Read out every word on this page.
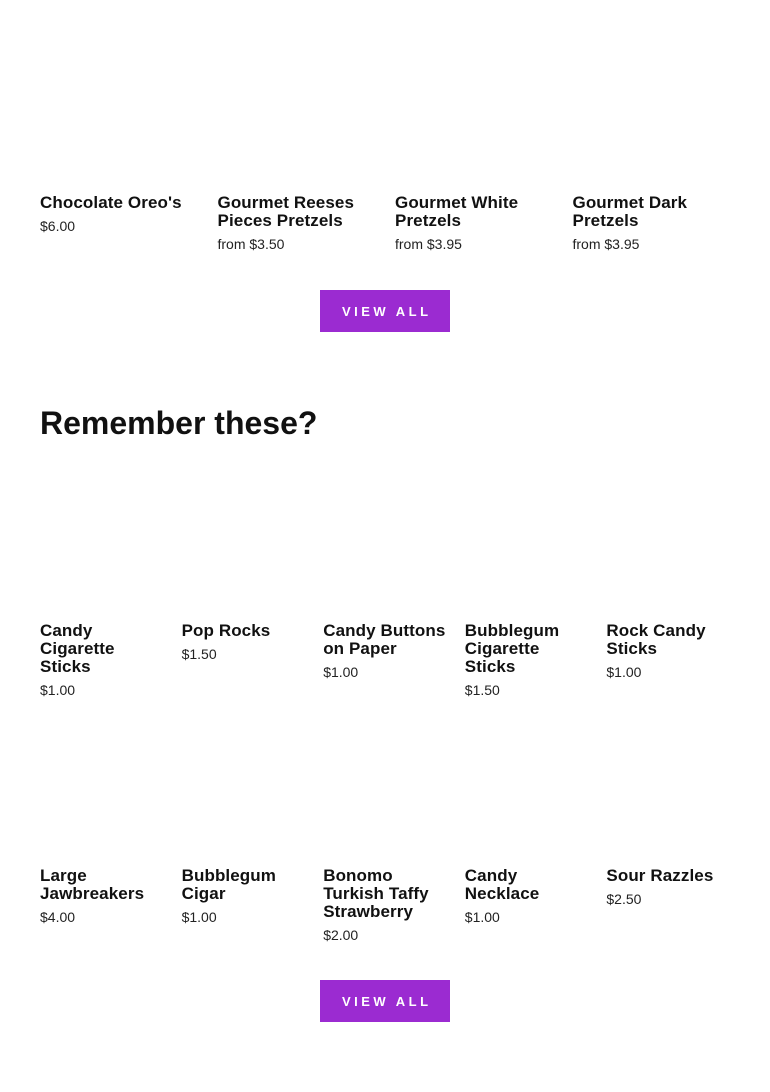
Chocolate Oreo's
$6.00
Gourmet Reeses Pieces Pretzels
from $3.50
Gourmet White Pretzels
from $3.95
Gourmet Dark Pretzels
from $3.95
VIEW ALL
Remember these?
Candy Cigarette Sticks
$1.00
Pop Rocks
$1.50
Candy Buttons on Paper
$1.00
Bubblegum Cigarette Sticks
$1.50
Rock Candy Sticks
$1.00
Large Jawbreakers
$4.00
Bubblegum Cigar
$1.00
Bonomo Turkish Taffy Strawberry
$2.00
Candy Necklace
$1.00
Sour Razzles
$2.50
VIEW ALL
